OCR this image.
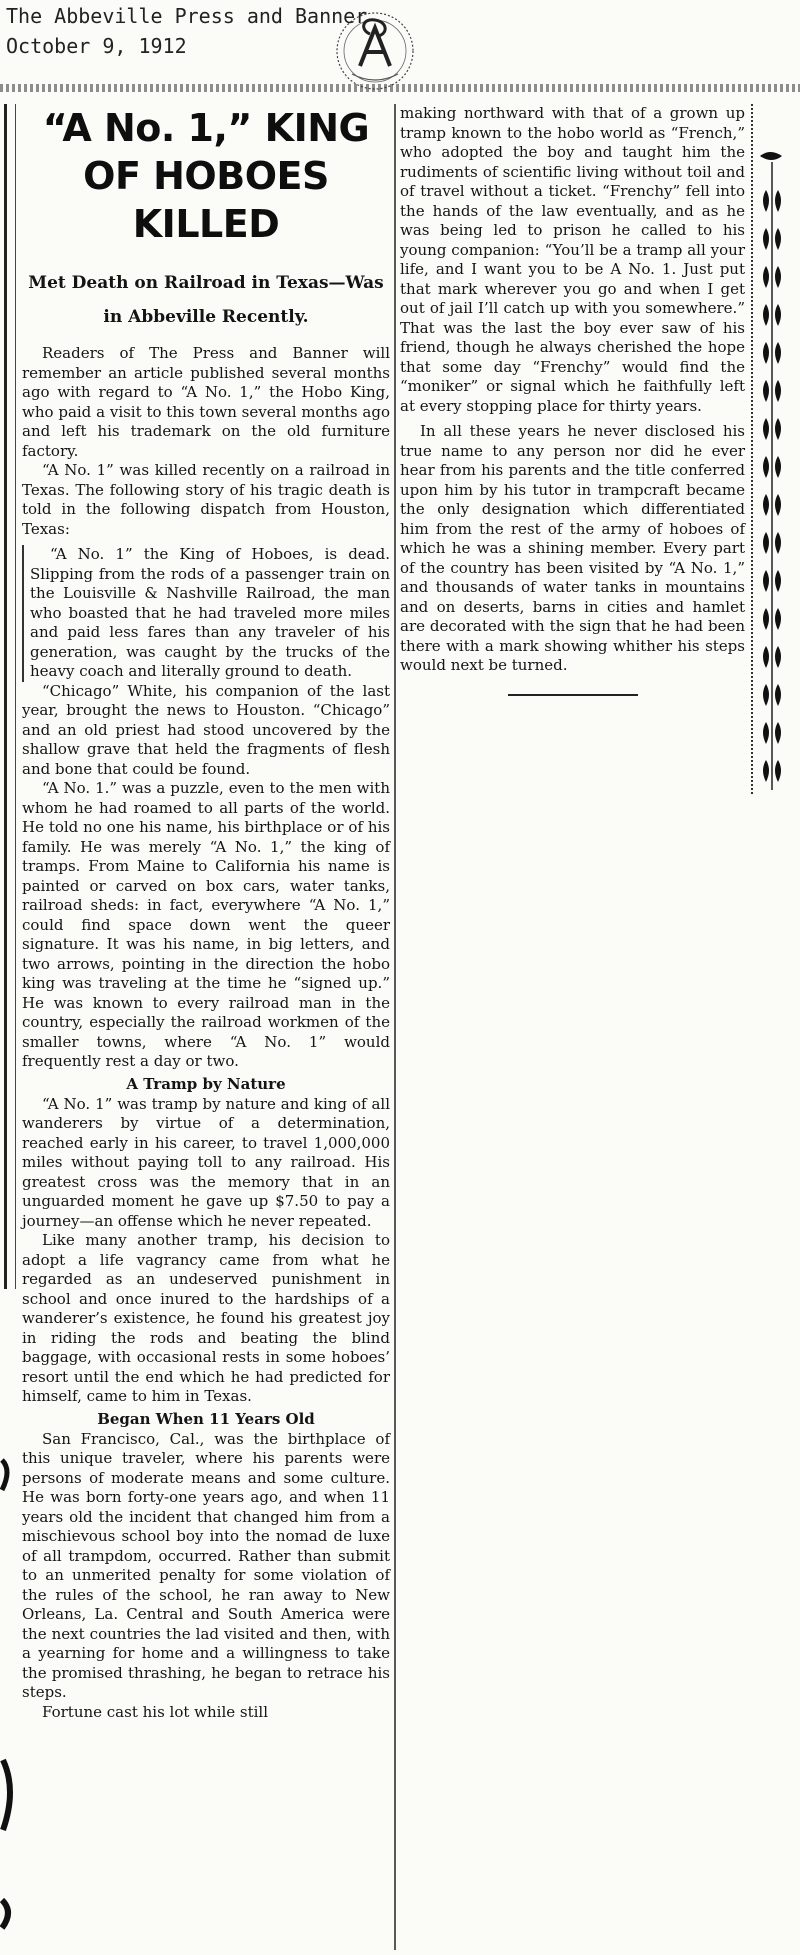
The Abbeville Press and Banner
October 9, 1912
“A No. 1,” KING OF HOBOES KILLED
Met Death on Railroad in Texas—Was in Abbeville Recently.

Readers of The Press and Banner will remember an article published several months ago with regard to “A No. 1,” the Hobo King, who paid a visit to this town several months ago and left his trademark on the old furniture factory.

“A No. 1” was killed recently on a railroad in Texas. The following story of his tragic death is told in the following dispatch from Houston, Texas:

“A No. 1” the King of Hoboes, is dead. Slipping from the rods of a passenger train on the Louisville & Nashville Railroad, the man who boasted that he had traveled more miles and paid less fares than any traveler of his generation, was caught by the trucks of the heavy coach and literally ground to death.

“Chicago” White, his companion of the last year, brought the news to Houston. “Chicago” and an old priest had stood uncovered by the shallow grave that held the fragments of flesh and bone that could be found.

“A No. 1.” was a puzzle, even to the men with whom he had roamed to all parts of the world. He told no one his name, his birthplace or of his family. He was merely “A No. 1,” the king of tramps. From Maine to California his name is painted or carved on box cars, water tanks, railroad sheds: in fact, everywhere “A No. 1,” could find space down went the queer signature. It was his name, in big letters, and two arrows, pointing in the direction the hobo king was traveling at the time he “signed up.” He was known to every railroad man in the country, especially the railroad workmen of the smaller towns, where “A No. 1” would frequently rest a day or two.

A Tramp by Nature

“A No. 1” was tramp by nature and king of all wanderers by virtue of a determination, reached early in his career, to travel 1,000,000 miles without paying toll to any railroad. His greatest cross was the memory that in an unguarded moment he gave up $7.50 to pay a journey—an offense which he never repeated.

Like many another tramp, his decision to adopt a life vagrancy came from what he regarded as an undeserved punishment in school and once inured to the hardships of a wanderer’s existence, he found his greatest joy in riding the rods and beating the blind baggage, with occasional rests in some hoboes’ resort until the end which he had predicted for himself, came to him in Texas.

Began When 11 Years Old

San Francisco, Cal., was the birthplace of this unique traveler, where his parents were persons of moderate means and some culture. He was born forty-one years ago, and when 11 years old the incident that changed him from a mischievous school boy into the nomad de luxe of all trampdom, occurred. Rather than submit to an unmerited penalty for some violation of the rules of the school, he ran away to New Orleans, La. Central and South America were the next countries the lad visited and then, with a yearning for home and a willingness to take the promised thrashing, he began to retrace his steps.

Fortune cast his lot while still

making northward with that of a grown up tramp known to the hobo world as “French,” who adopted the boy and taught him the rudiments of scientific living without toil and of travel without a ticket. “Frenchy” fell into the hands of the law eventually, and as he was being led to prison he called to his young companion: “You’ll be a tramp all your life, and I want you to be A No. 1. Just put that mark wherever you go and when I get out of jail I’ll catch up with you somewhere.” That was the last the boy ever saw of his friend, though he always cherished the hope that some day “Frenchy” would find the “moniker” or signal which he faithfully left at every stopping place for thirty years.

In all these years he never disclosed his true name to any person nor did he ever hear from his parents and the title conferred upon him by his tutor in trampcraft became the only designation which differentiated him from the rest of the army of hoboes of which he was a shining member. Every part of the country has been visited by “A No. 1,” and thousands of water tanks in mountains and on deserts, barns in cities and hamlet are decorated with the sign that he had been there with a mark showing whither his steps would next be turned.
